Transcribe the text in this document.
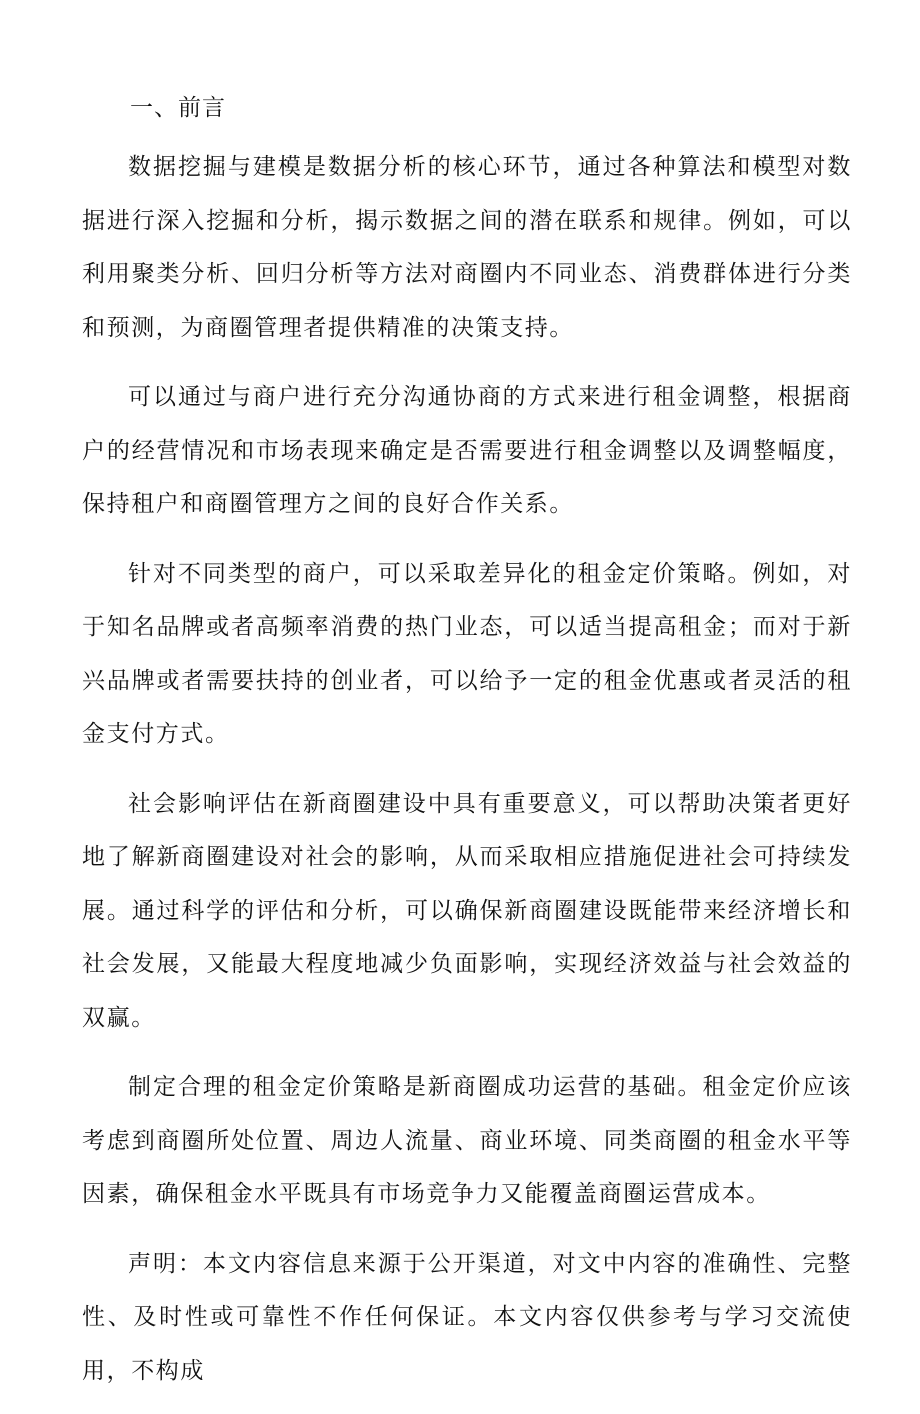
一、前言

数据挖掘与建模是数据分析的核心环节，通过各种算法和模型对数据进行深入挖掘和分析，揭示数据之间的潜在联系和规律。例如，可以利用聚类分析、回归分析等方法对商圈内不同业态、消费群体进行分类和预测，为商圈管理者提供精准的决策支持。

可以通过与商户进行充分沟通协商的方式来进行租金调整，根据商户的经营情况和市场表现来确定是否需要进行租金调整以及调整幅度，保持租户和商圈管理方之间的良好合作关系。

针对不同类型的商户，可以采取差异化的租金定价策略。例如，对于知名品牌或者高频率消费的热门业态，可以适当提高租金；而对于新兴品牌或者需要扶持的创业者，可以给予一定的租金优惠或者灵活的租金支付方式。

社会影响评估在新商圈建设中具有重要意义，可以帮助决策者更好地了解新商圈建设对社会的影响，从而采取相应措施促进社会可持续发展。通过科学的评估和分析，可以确保新商圈建设既能带来经济增长和社会发展，又能最大程度地减少负面影响，实现经济效益与社会效益的双赢。

制定合理的租金定价策略是新商圈成功运营的基础。租金定价应该考虑到商圈所处位置、周边人流量、商业环境、同类商圈的租金水平等因素，确保租金水平既具有市场竞争力又能覆盖商圈运营成本。

声明：本文内容信息来源于公开渠道，对文中内容的准确性、完整性、及时性或可靠性不作任何保证。本文内容仅供参考与学习交流使用，不构成
